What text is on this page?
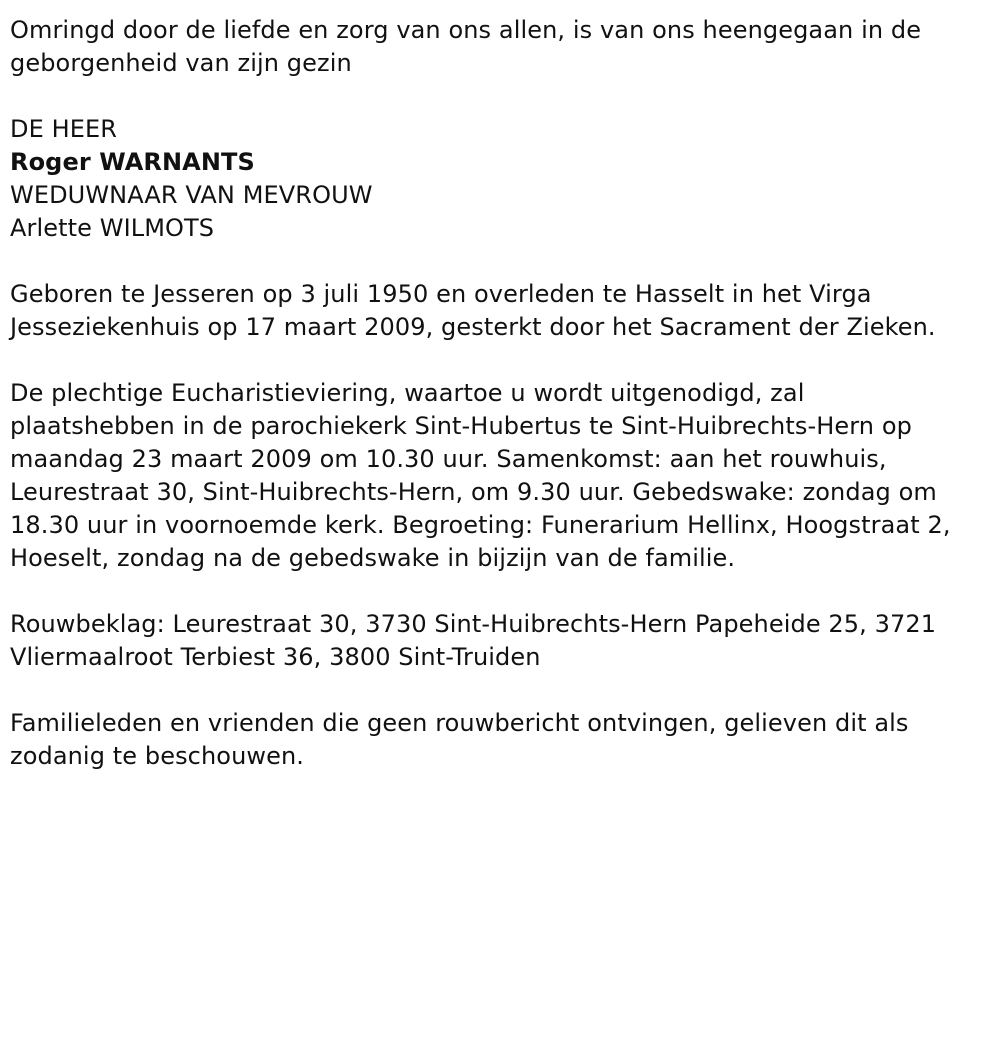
Omringd door de liefde en zorg van ons allen, is van ons heengegaan in de geborgenheid van zijn gezin

DE HEER

Roger WARNANTS

WEDUWNAAR VAN MEVROUW

Arlette WILMOTS

Geboren te Jesseren op 3 juli 1950 en overleden te Hasselt in het Virga Jesseziekenhuis op 17 maart 2009, gesterkt door het Sacrament der Zieken.

De plechtige Eucharistieviering, waartoe u wordt uitgenodigd, zal plaatshebben in de parochiekerk Sint-Hubertus te Sint-Huibrechts-Hern op maandag 23 maart 2009 om 10.30 uur. Samenkomst: aan het rouwhuis, Leurestraat 30, Sint-Huibrechts-Hern, om 9.30 uur. Gebedswake: zondag om 18.30 uur in voornoemde kerk. Begroeting: Funerarium Hellinx, Hoogstraat 2, Hoeselt, zondag na de gebedswake in bijzijn van de familie.

Rouwbeklag: Leurestraat 30, 3730 Sint-Huibrechts-Hern Papeheide 25, 3721 Vliermaalroot Terbiest 36, 3800 Sint-Truiden

Familieleden en vrienden die geen rouwbericht ontvingen, gelieven dit als zodanig te beschouwen.
